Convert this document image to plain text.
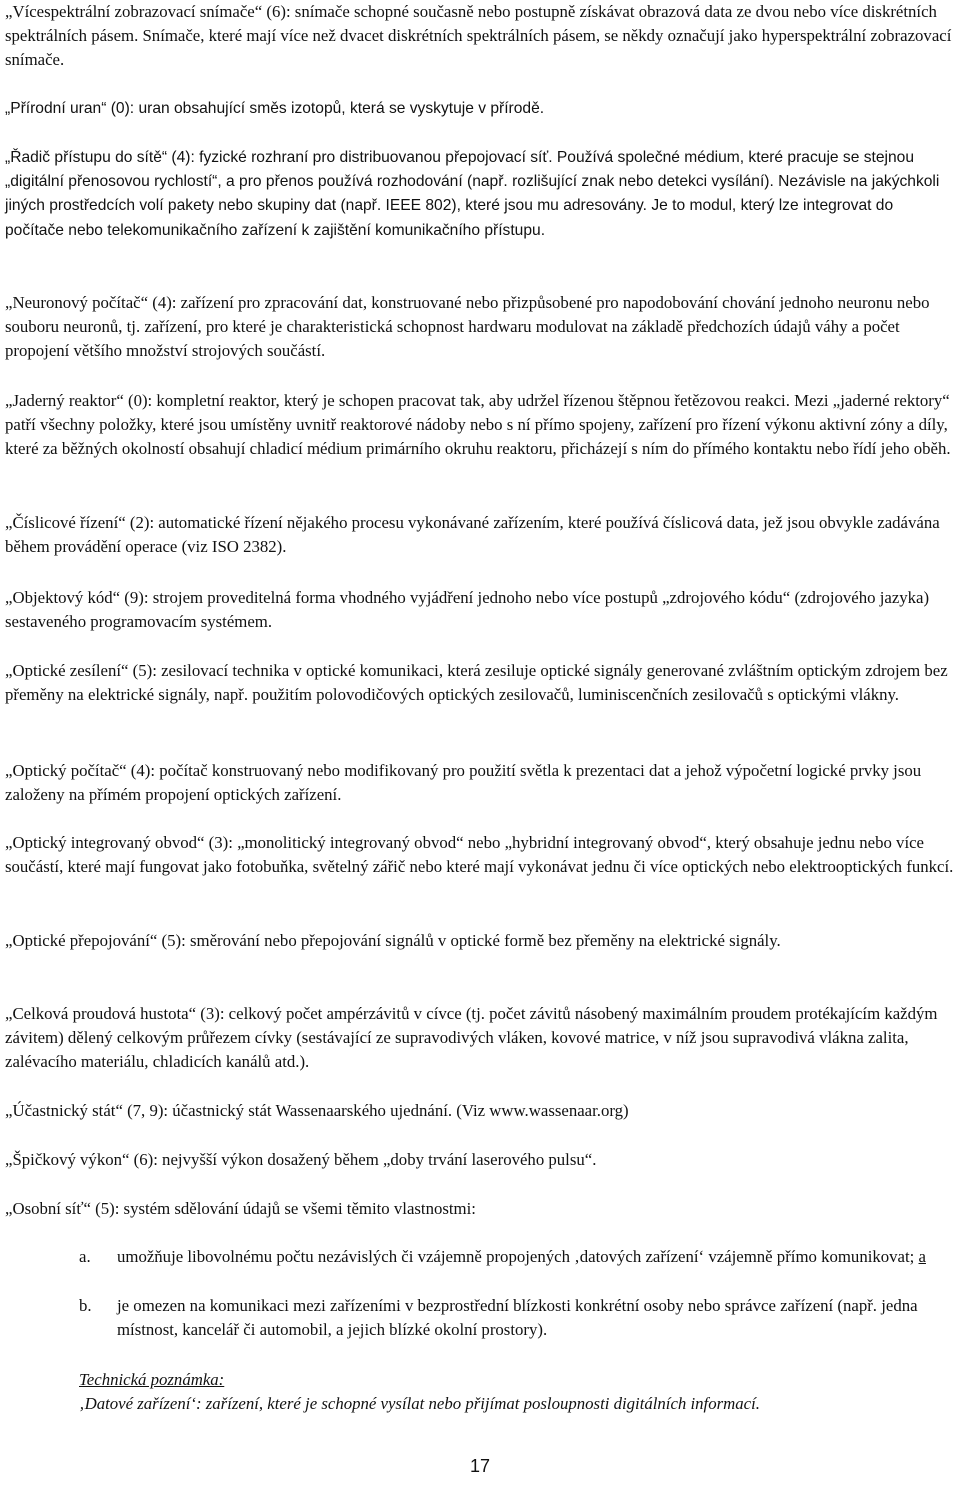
„Vícespektrální zobrazovací snímače“ (6): snímače schopné současně nebo postupně získávat obrazová data ze dvou nebo více diskrétních spektrálních pásem. Snímače, které mají více než dvacet diskrétních spektrálních pásem, se někdy označují jako hyperspektrální zobrazovací snímače.
„Přírodní uran“ (0): uran obsahující směs izotopů, která se vyskytuje v přírodě.
„Řadič přístupu do sítě“ (4): fyzické rozhraní pro distribuovanou přepojovací síť. Používá společné médium, které pracuje se stejnou „digitální přenosovou rychlostí“, a pro přenos používá rozhodování (např. rozlišující znak nebo detekci vysílání). Nezávisle na jakýchkoli jiných prostředcích volí pakety nebo skupiny dat (např. IEEE 802), které jsou mu adresovány. Je to modul, který lze integrovat do počítače nebo telekomunikačního zařízení k zajištění komunikačního přístupu.
„Neuronový počítač“ (4): zařízení pro zpracování dat, konstruované nebo přizpůsobené pro napodobování chování jednoho neuronu nebo souboru neuronů, tj. zařízení, pro které je charakteristická schopnost hardwaru modulovat na základě předchozích údajů váhy a počet propojení většího množství strojových součástí.
„Jaderný reaktor“ (0): kompletní reaktor, který je schopen pracovat tak, aby udržel řízenou štěpnou řetězovou reakci. Mezi „jaderné rektory“ patří všechny položky, které jsou umístěny uvnitř reaktorové nádoby nebo s ní přímo spojeny, zařízení pro řízení výkonu aktivní zóny a díly, které za běžných okolností obsahují chladicí médium primárního okruhu reaktoru, přicházejí s ním do přímého kontaktu nebo řídí jeho oběh.
„Číslicové řízení“ (2): automatické řízení nějakého procesu vykonávané zařízením, které používá číslicová data, jež jsou obvykle zadávána během provádění operace (viz ISO 2382).
„Objektový kód“ (9): strojem proveditelná forma vhodného vyjádření jednoho nebo více postupů „zdrojového kódu“ (zdrojového jazyka) sestaveného programovacím systémem.
„Optické zesílení“ (5): zesilovací technika v optické komunikaci, která zesiluje optické signály generované zvláštním optickým zdrojem bez přeměny na elektrické signály, např. použitím polovodičových optických zesilovačů, luminiscenčních zesilovačů s optickými vlákny.
„Optický počítač“ (4): počítač konstruovaný nebo modifikovaný pro použití světla k prezentaci dat a jehož výpočetní logické prvky jsou založeny na přímém propojení optických zařízení.
„Optický integrovaný obvod“ (3): „monolitický integrovaný obvod“ nebo „hybridní integrovaný obvod“, který obsahuje jednu nebo více součástí, které mají fungovat jako fotobuňka, světelný zářič nebo které mají vykonávat jednu či více optických nebo elektrooptických funkcí.
„Optické přepojování“ (5): směrování nebo přepojování signálů v optické formě bez přeměny na elektrické signály.
„Celková proudová hustota“ (3): celkový počet ampérzávitů v cívce (tj. počet závitů násobený maximálním proudem protékajícím každým závitem) dělený celkovým průřezem cívky (sestávající ze supravodivých vláken, kovové matrice, v níž jsou supravodivá vlákna zalita, zalévacího materiálu, chladicích kanálů atd.).
„Účastnický stát“ (7, 9): účastnický stát Wassenaarského ujednání. (Viz www.wassenaar.org)
„Špičkový výkon“ (6): nejvyšší výkon dosažený během „doby trvání laserového pulsu“.
„Osobní síť“ (5): systém sdělování údajů se všemi těmito vlastnostmi:
a.	umožňuje libovolnému počtu nezávislých či vzájemně propojených ‚datových zařízení‘ vzájemně přímo komunikovat; a
b.	je omezen na komunikaci mezi zařízeními v bezprostřední blízkosti konkrétní osoby nebo správce zařízení (např. jedna místnost, kancelář či automobil, a jejich blízké okolní prostory).
Technická poznámka:
‚Datové zařízení‘: zařízení, které je schopné vysílat nebo přijímat posloupnosti digitálních informací.
17
